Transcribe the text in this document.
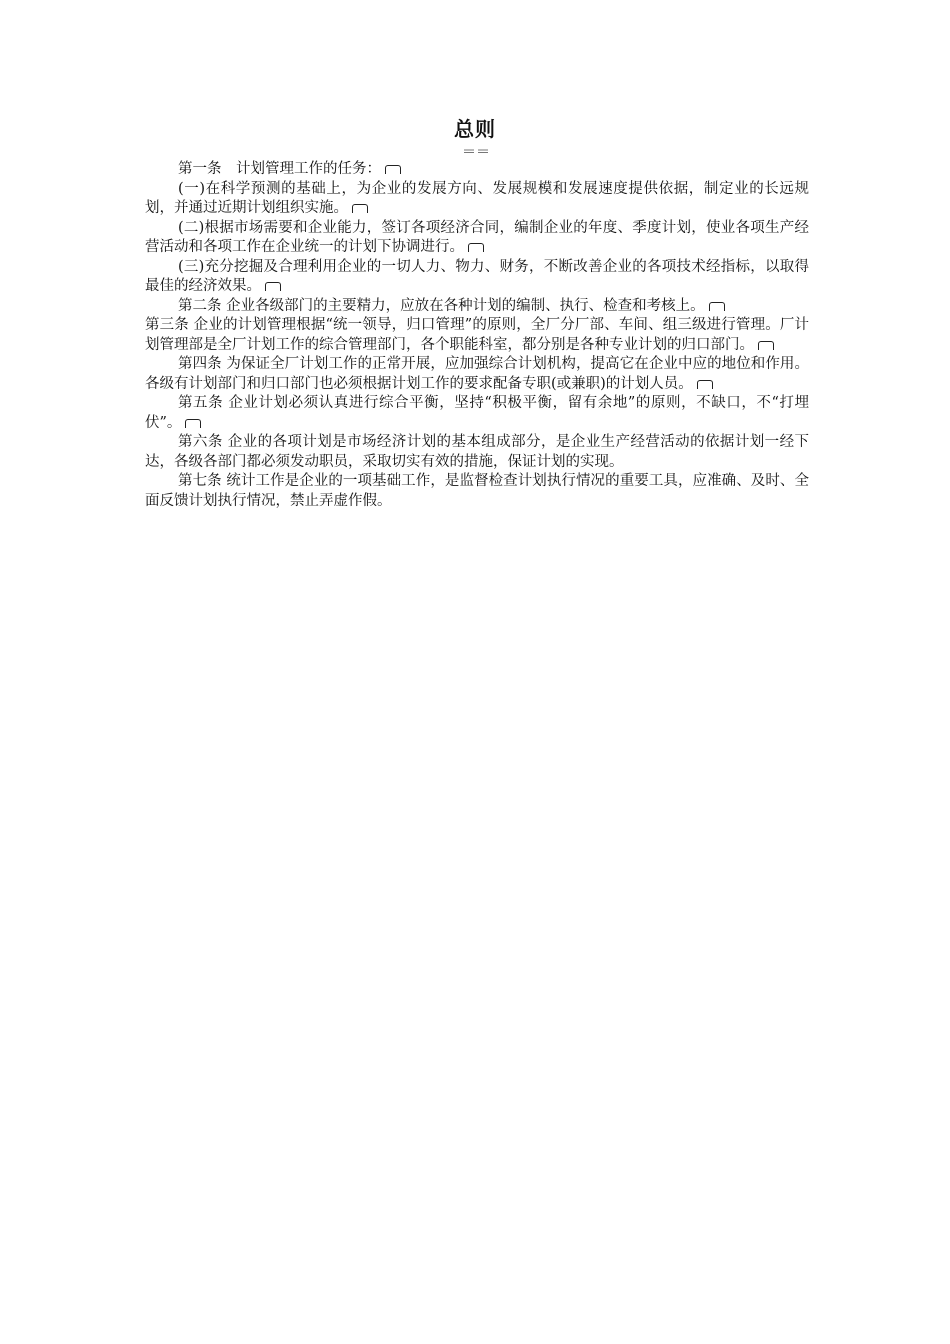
总则

第一条　计划管理工作的任务：

(一)在科学预测的基础上，为企业的发展方向、发展规模和发展速度提供依据，制定业的长远规划，并通过近期计划组织实施。

(二)根据市场需要和企业能力，签订各项经济合同，编制企业的年度、季度计划，使业各项生产经营活动和各项工作在企业统一的计划下协调进行。

(三)充分挖掘及合理利用企业的一切人力、物力、财务，不断改善企业的各项技术经指标，以取得最佳的经济效果。

第二条 企业各级部门的主要精力，应放在各种计划的编制、执行、检查和考核上。

第三条 企业的计划管理根据“统一领导，归口管理”的原则，全厂分厂部、车间、组三级进行管理。厂计划管理部是全厂计划工作的综合管理部门，各个职能科室，都分别是各种专业计划的归口部门。

第四条 为保证全厂计划工作的正常开展，应加强综合计划机构，提高它在企业中应的地位和作用。各级有计划部门和归口部门也必须根据计划工作的要求配备专职(或兼职)的计划人员。

第五条 企业计划必须认真进行综合平衡，坚持“积极平衡，留有余地”的原则，不缺口，不“打埋伏”。

第六条 企业的各项计划是市场经济计划的基本组成部分，是企业生产经营活动的依据计划一经下达，各级各部门都必须发动职员，采取切实有效的措施，保证计划的实现。

第七条 统计工作是企业的一项基础工作，是监督检查计划执行情况的重要工具，应准确、及时、全面反馈计划执行情况，禁止弄虚作假。
